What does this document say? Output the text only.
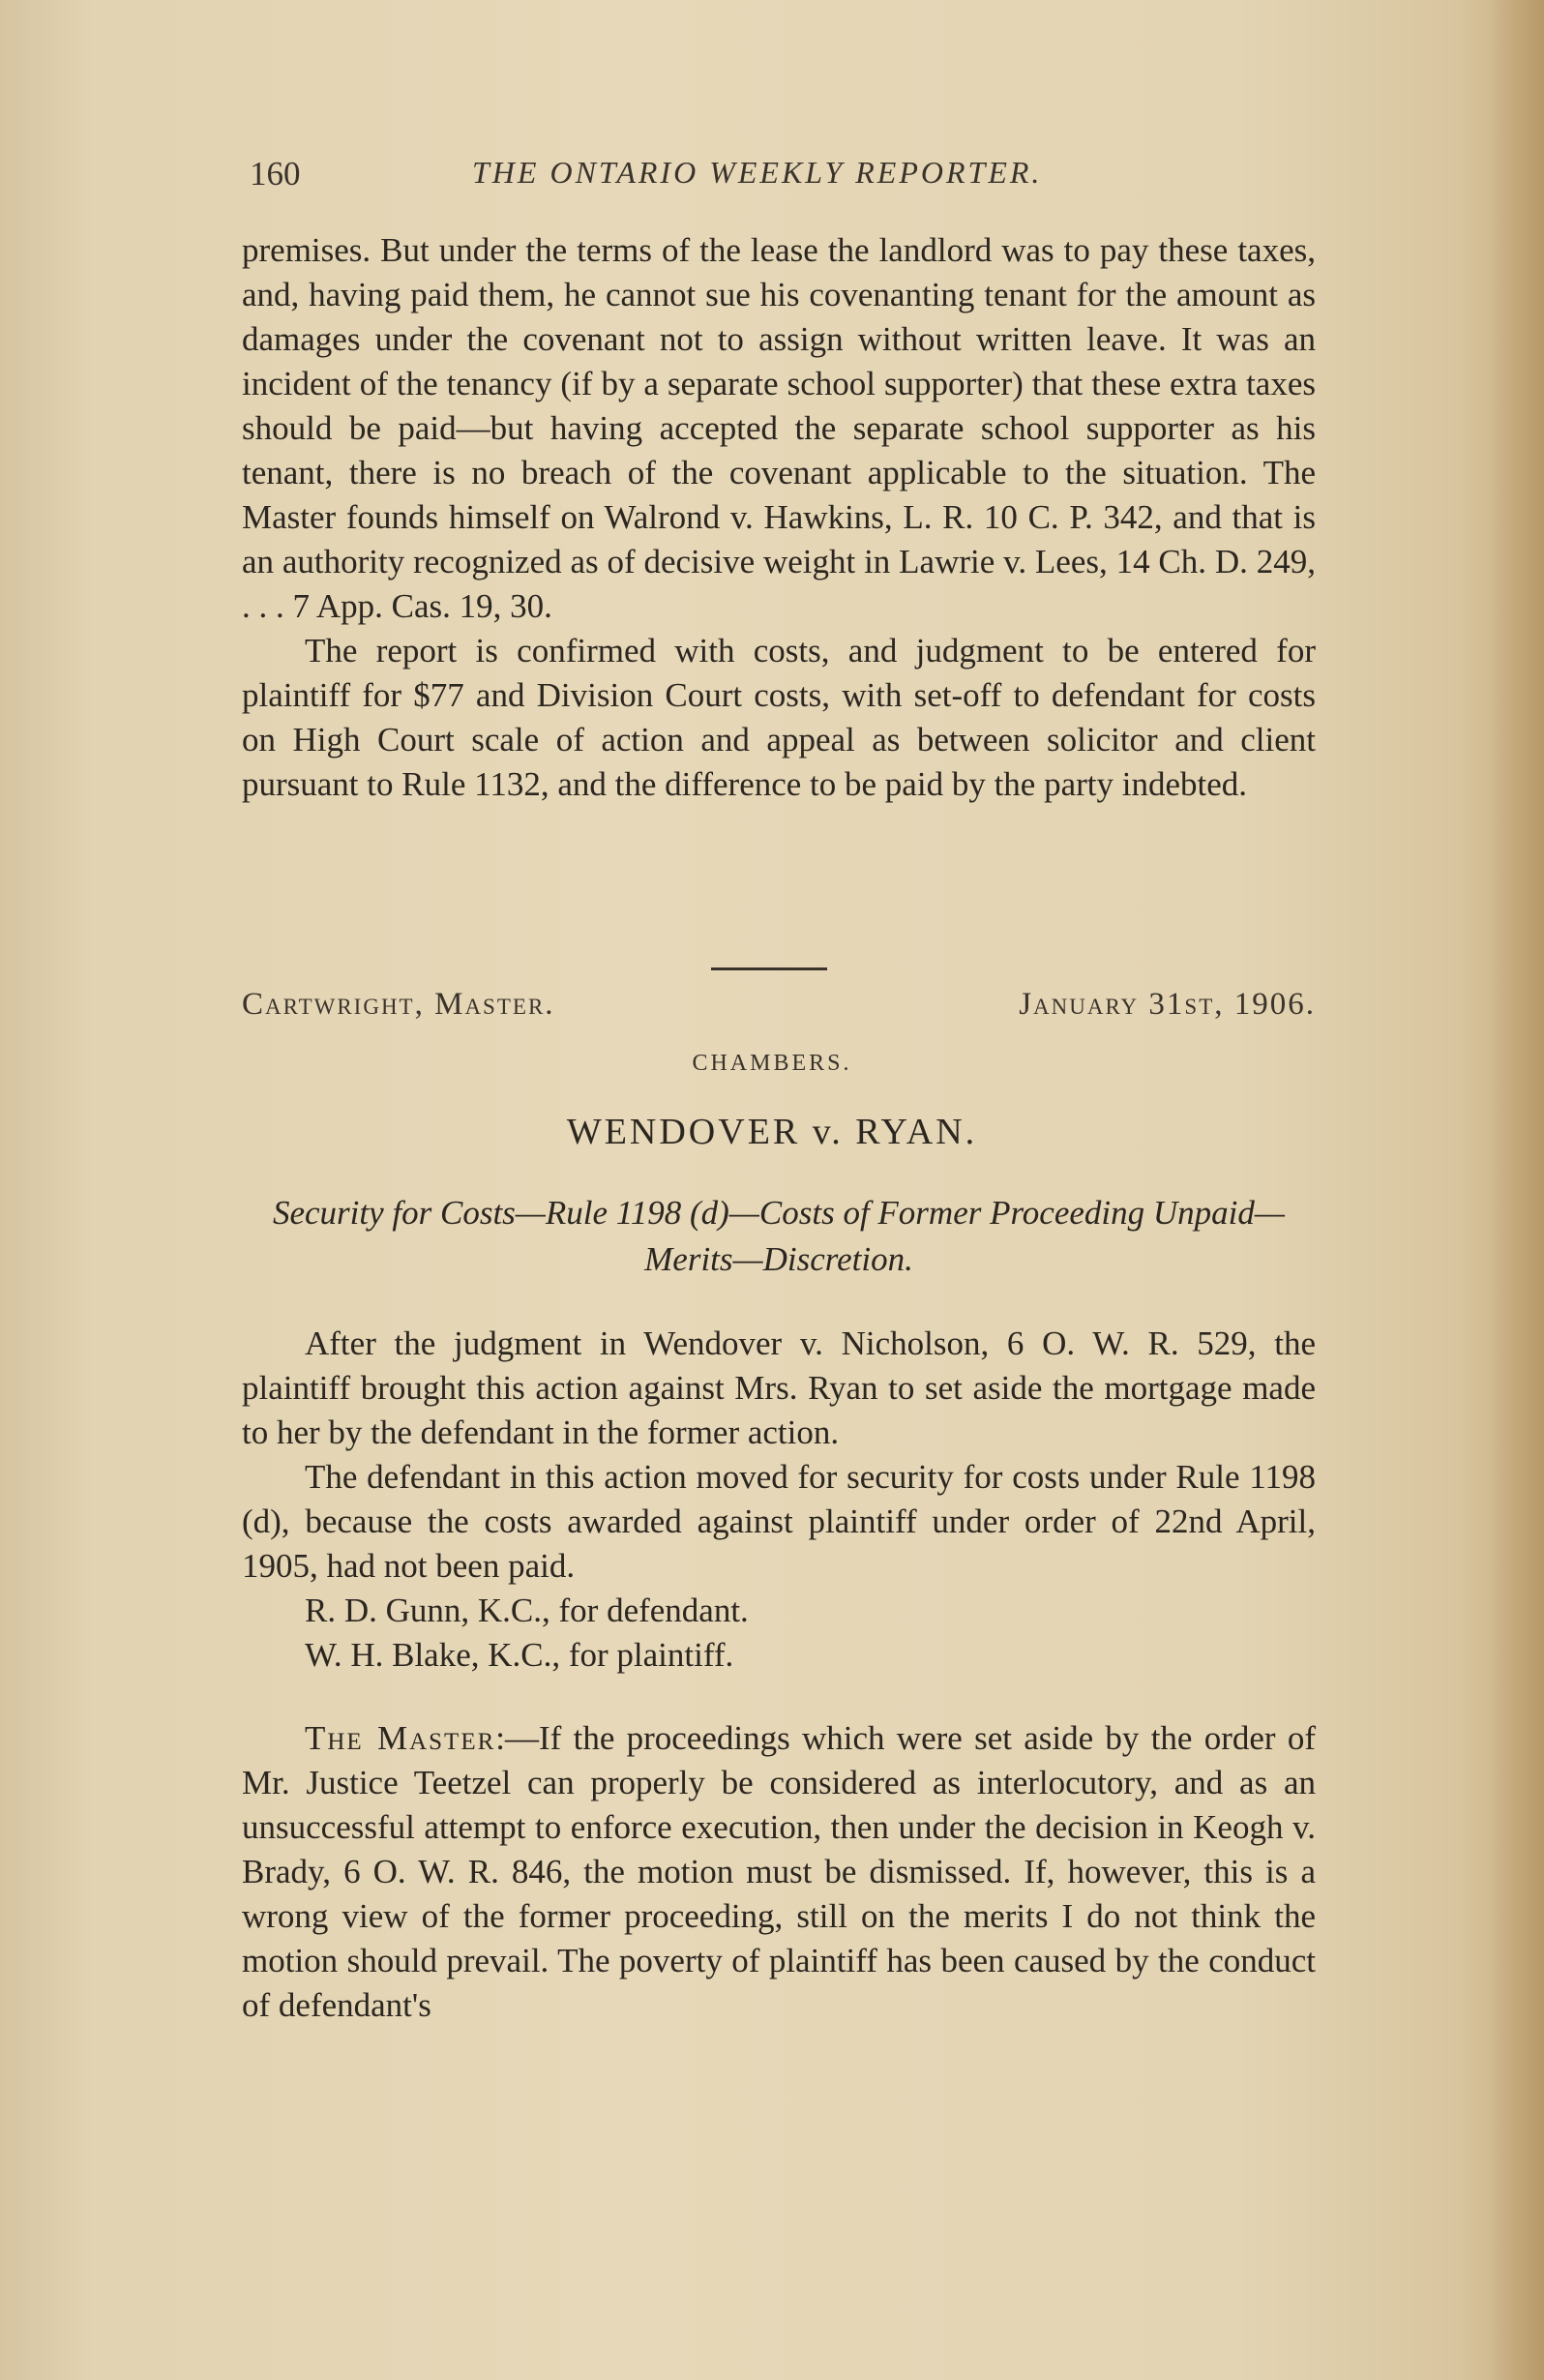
160	THE ONTARIO WEEKLY REPORTER.

premises. But under the terms of the lease the landlord was to pay these taxes, and, having paid them, he cannot sue his covenanting tenant for the amount as damages under the covenant not to assign without written leave. It was an incident of the tenancy (if by a separate school supporter) that these extra taxes should be paid—but having accepted the separate school supporter as his tenant, there is no breach of the covenant applicable to the situation. The Master founds himself on Walrond v. Hawkins, L. R. 10 C. P. 342, and that is an authority recognized as of decisive weight in Lawrie v. Lees, 14 Ch. D. 249, . . . 7 App. Cas. 19, 30.

The report is confirmed with costs, and judgment to be entered for plaintiff for $77 and Division Court costs, with set-off to defendant for costs on High Court scale of action and appeal as between solicitor and client pursuant to Rule 1132, and the difference to be paid by the party indebted.

Cartwright, Master.	January 31st, 1906.
CHAMBERS.
WENDOVER v. RYAN.
Security for Costs—Rule 1198 (d)—Costs of Former Proceeding Unpaid—Merits—Discretion.

After the judgment in Wendover v. Nicholson, 6 O. W. R. 529, the plaintiff brought this action against Mrs. Ryan to set aside the mortgage made to her by the defendant in the former action.

The defendant in this action moved for security for costs under Rule 1198 (d), because the costs awarded against plaintiff under order of 22nd April, 1905, had not been paid.

R. D. Gunn, K.C., for defendant.

W. H. Blake, K.C., for plaintiff.

The Master:—If the proceedings which were set aside by the order of Mr. Justice Teetzel can properly be considered as interlocutory, and as an unsuccessful attempt to enforce execution, then under the decision in Keogh v. Brady, 6 O. W. R. 846, the motion must be dismissed. If, however, this is a wrong view of the former proceeding, still on the merits I do not think the motion should prevail. The poverty of plaintiff has been caused by the conduct of defendant's
